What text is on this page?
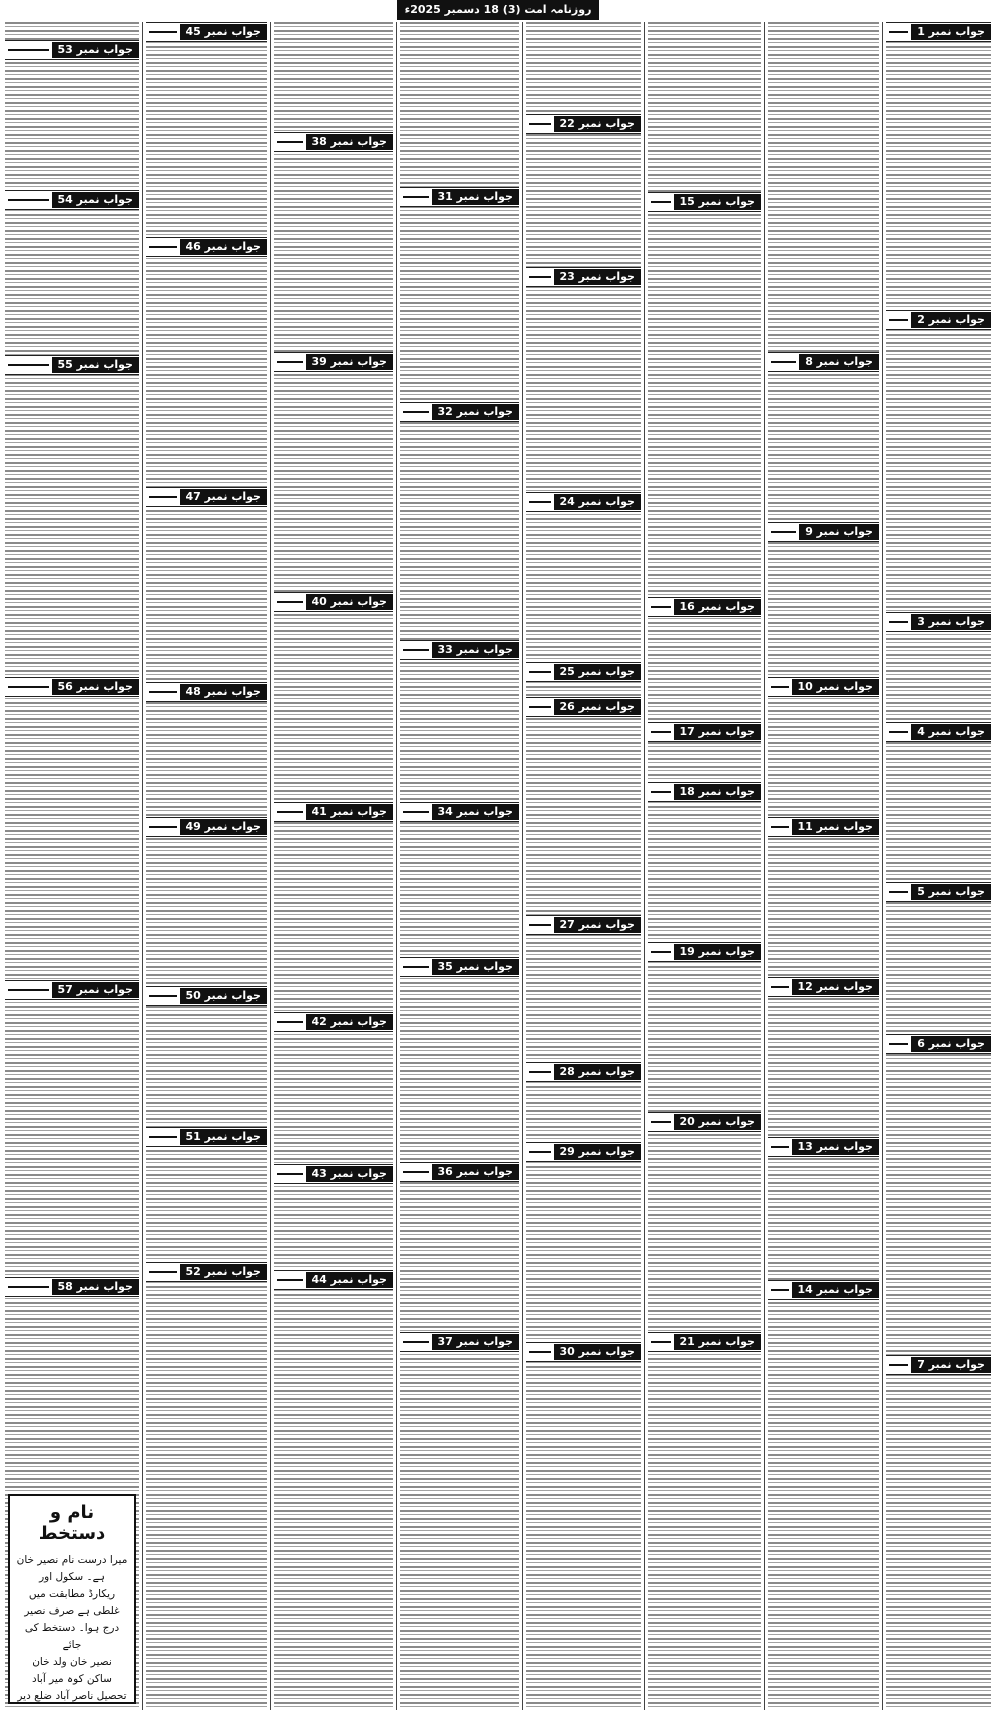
روزنامہ امت (3) 18 دسمبر 2025ء
جواب نمبر 1
جواب نمبر 2
جواب نمبر 3
جواب نمبر 4
جواب نمبر 5
جواب نمبر 6
جواب نمبر 7
جواب نمبر 8
جواب نمبر 9
جواب نمبر 10
جواب نمبر 11
جواب نمبر 12
جواب نمبر 13
جواب نمبر 14
جواب نمبر 15
جواب نمبر 16
جواب نمبر 17
جواب نمبر 18
جواب نمبر 19
جواب نمبر 20
جواب نمبر 21
جواب نمبر 22
جواب نمبر 23
جواب نمبر 24
جواب نمبر 25
جواب نمبر 26
جواب نمبر 27
جواب نمبر 28
جواب نمبر 29
جواب نمبر 30
جواب نمبر 31
جواب نمبر 32
جواب نمبر 33
جواب نمبر 34
جواب نمبر 35
جواب نمبر 36
جواب نمبر 37
جواب نمبر 38
جواب نمبر 39
جواب نمبر 40
جواب نمبر 41
جواب نمبر 42
جواب نمبر 43
جواب نمبر 44
جواب نمبر 45
جواب نمبر 46
جواب نمبر 47
جواب نمبر 48
جواب نمبر 49
جواب نمبر 50
جواب نمبر 51
جواب نمبر 52
جواب نمبر 53
جواب نمبر 54
جواب نمبر 55
جواب نمبر 56
جواب نمبر 57
جواب نمبر 58
نام و دستخط
میرا درست نام نصیر خان ہے۔ سکول اور
ریکارڈ مطابقت میں غلطی ہے صرف نصیر
درج ہوا۔ دستخط کی جائے
نصیر خان ولد خان
ساکن کوہ میر آباد تحصیل ناصر آباد ضلع دیر
